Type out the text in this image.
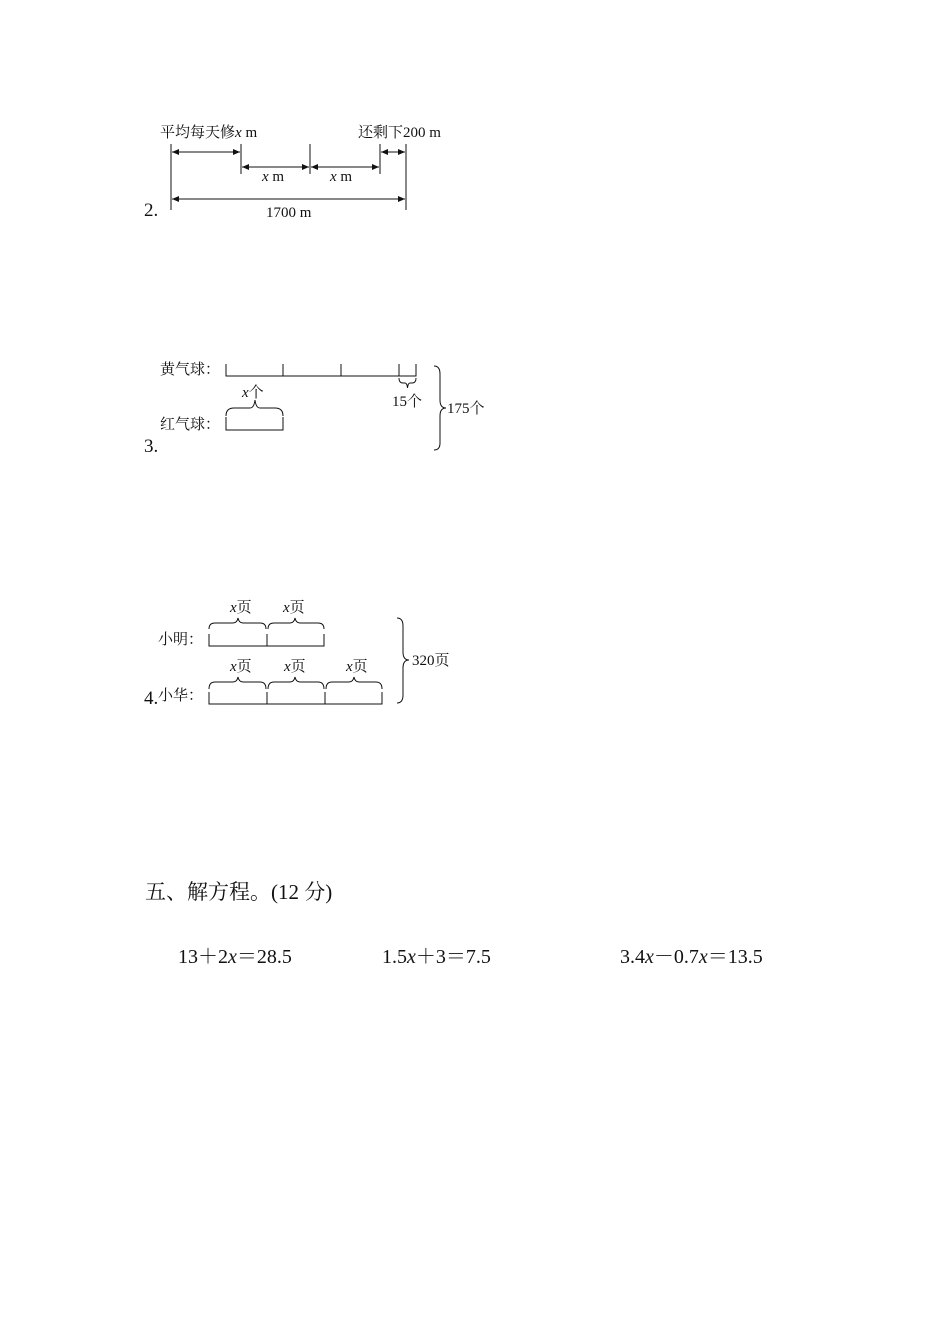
2.
平均每天修x m	还剩下200 m
x m	x m
1700 m
3.
黄气球：
15个
x个
红气球：
175个
4.
x页 x页
小明：
x页 x页	x页
小华：
320页
五、解方程。(12 分)
13＋2x＝28.5	1.5x＋3＝7.5	3.4x－0.7x＝13.5
